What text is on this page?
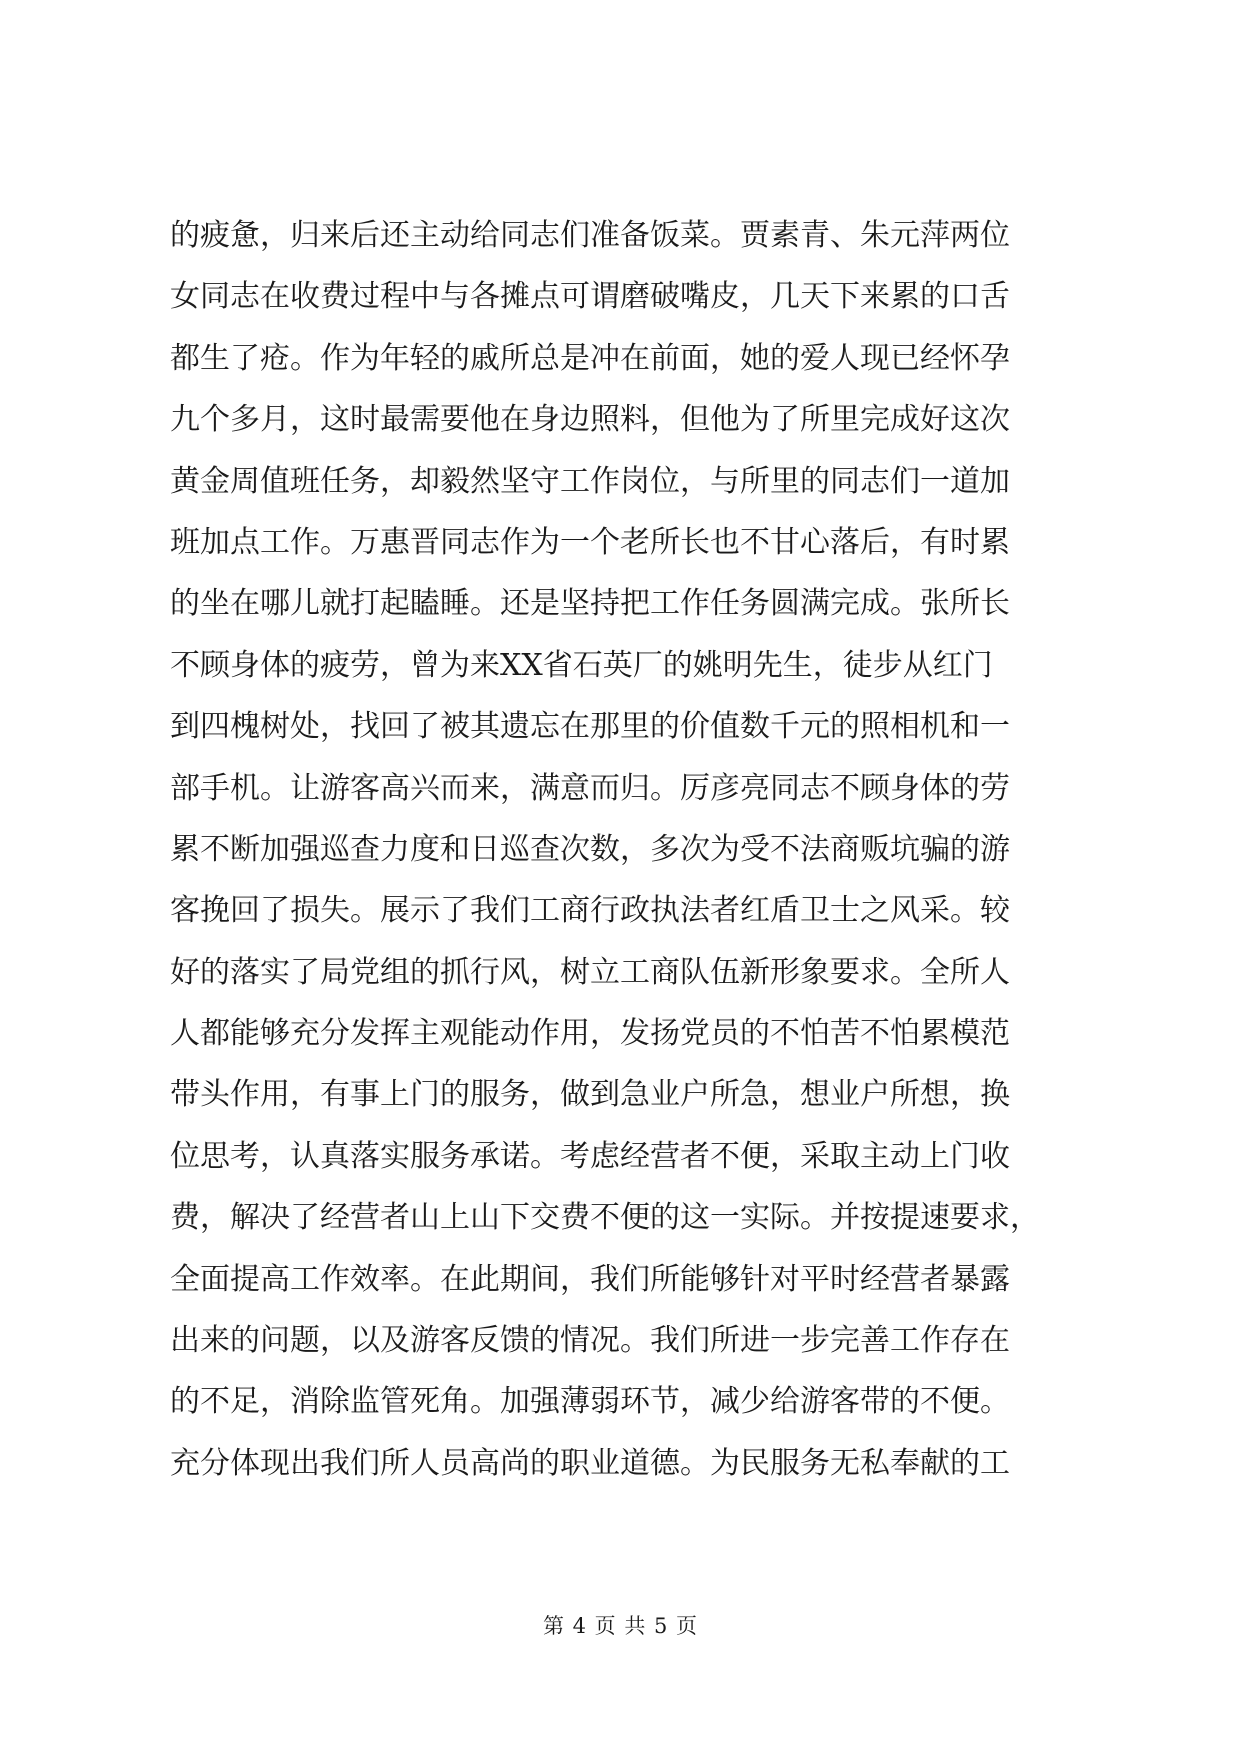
的疲惫，归来后还主动给同志们准备饭菜。贾素青、朱元萍两位
女同志在收费过程中与各摊点可谓磨破嘴皮，几天下来累的口舌
都生了疮。作为年轻的戚所总是冲在前面，她的爱人现已经怀孕
九个多月，这时最需要他在身边照料，但他为了所里完成好这次
黄金周值班任务，却毅然坚守工作岗位，与所里的同志们一道加
班加点工作。万惠晋同志作为一个老所长也不甘心落后，有时累
的坐在哪儿就打起瞌睡。还是坚持把工作任务圆满完成。张所长
不顾身体的疲劳，曾为来XX省石英厂的姚明先生，徒步从红门
到四槐树处，找回了被其遗忘在那里的价值数千元的照相机和一
部手机。让游客高兴而来，满意而归。厉彦亮同志不顾身体的劳
累不断加强巡查力度和日巡查次数，多次为受不法商贩坑骗的游
客挽回了损失。展示了我们工商行政执法者红盾卫士之风采。较
好的落实了局党组的抓行风，树立工商队伍新形象要求。全所人
人都能够充分发挥主观能动作用，发扬党员的不怕苦不怕累模范
带头作用，有事上门的服务，做到急业户所急，想业户所想，换
位思考，认真落实服务承诺。考虑经营者不便，采取主动上门收
费，解决了经营者山上山下交费不便的这一实际。并按提速要求，
全面提高工作效率。在此期间，我们所能够针对平时经营者暴露
出来的问题，以及游客反馈的情况。我们所进一步完善工作存在
的不足，消除监管死角。加强薄弱环节，减少给游客带的不便。
充分体现出我们所人员高尚的职业道德。为民服务无私奉献的工
第 4 页 共 5 页
